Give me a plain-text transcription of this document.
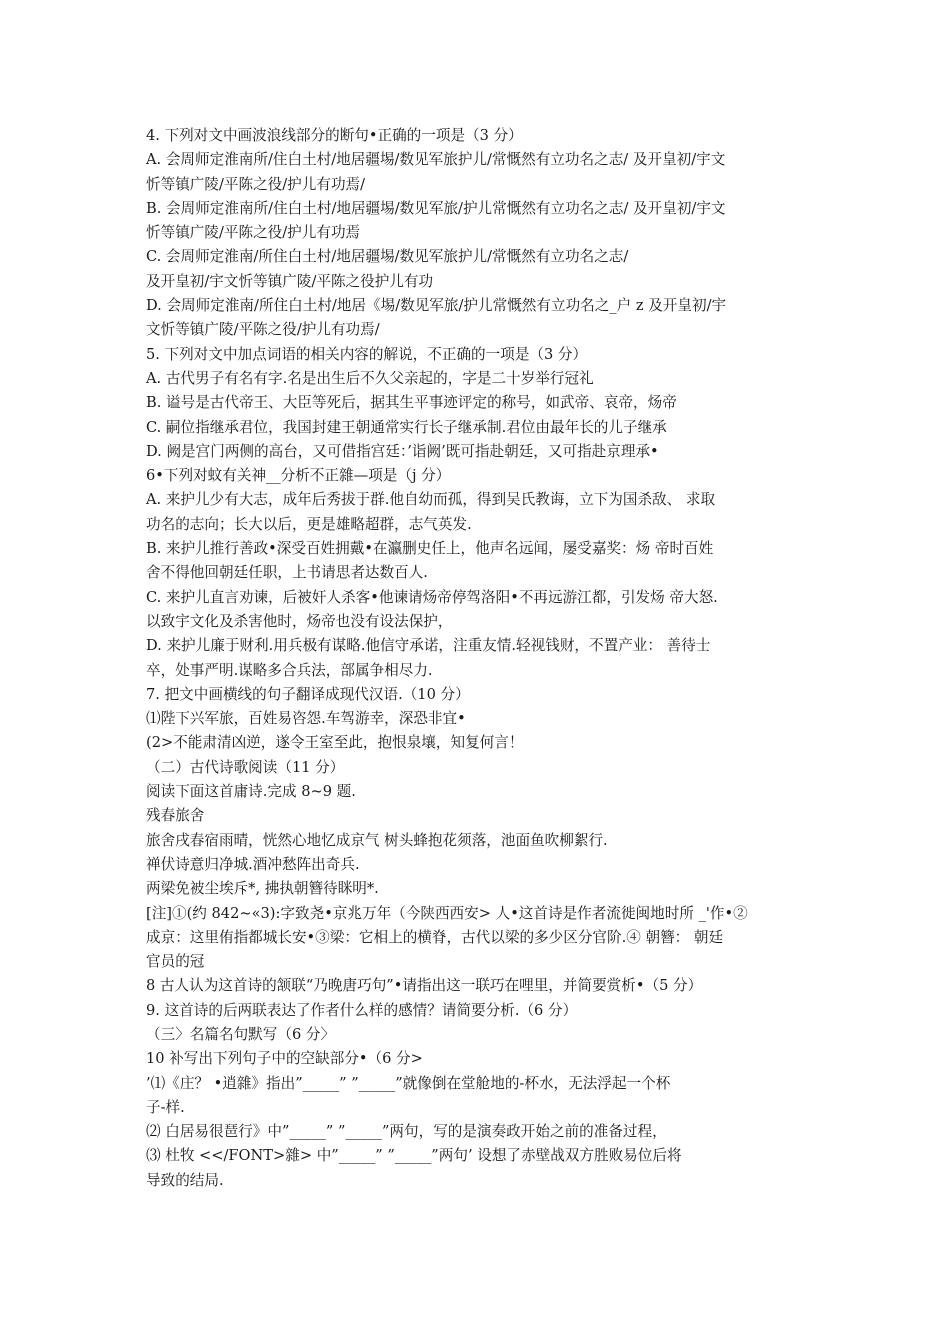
4. 下列对文中画波浪线部分的断句•正确的一项是（3 分）
A. 会周师定淮南所/住白土村/地居疆埸/数见军旅护儿/常慨然有立功名之志/ 及开皇初/宇文
忻等镇广陵/平陈之役/护儿有功焉/
B. 会周师定淮南所/住白土村/地居疆埸/数见军旅/护儿常慨然有立功名之志/ 及开皇初/宇文
忻等镇广陵/平陈之役/护儿有功焉
C. 会周师定淮南/所住白土村/地居疆埸/数见军旅护儿/常慨然有立功名之志/
及开皇初/宇文忻等镇广陵/平陈之役护儿有功
D. 会周师定淮南/所住白土村/地居《埸/数见军旅/护儿常慨然有立功名之_户 z 及开皇初/宇
文忻等镇广陵/平陈之役/护儿有功焉/
5. 下列对文中加点词语的相关内容的解说，不正确的一项是（3 分）
A. 古代男子有名有字.名是出生后不久父亲起的，字是二十岁举行冠礼
B. 谥号是古代帝王、大臣等死后，据其生平事迹评定的称号，如武帝、哀帝，炀帝
C. 嗣位指继承君位，我国封建王朝通常实行长子继承制.君位由最年长的儿子继承
D. 阙是宫门两侧的高台，又可借指宫廷：’诣阙’既可指赴朝廷，又可指赴京理承•
6•下列对蚊有关神__分析不正雜—项是（j 分）
A. 来护儿少有大志，成年后秀拔于群.他自幼而孤，得到吴氏教诲，立下为国杀敌、 求取
功名的志向；长大以后，更是雄略超群，志气英发.
B. 来护儿推行善政•深受百姓拥戴•在瀛删史任上，他声名远闻，屡受嘉奖：炀 帝时百姓
舍不得他回朝廷任职，上书请思者达数百人.
C. 来护儿直言劝谏，后被奸人杀客•他谏请炀帝停驾洛阳•不再远游江都，引发炀 帝大怒.
以致宇文化及杀害他时，炀帝也没有设法保护，
D. 来护儿廉于财利.用兵极有谋略.他信守承诺，注重友情.轻视钱财，不置产业： 善待士
卒，处事严明.谋略多合兵法，部属争相尽力.
7. 把文中画横线的句子翻译成现代汉语.（10 分）
⑴陛下兴军旅，百姓易咨怨.车驾游幸，深恐非宜•
(2>不能肃清凶逆，遂令王室至此，抱恨泉壤，知复何言！
（二）古代诗歌阅读（11 分）
阅读下面这首庸诗.完成 8~9 题.
残春旅舍
旅舍戌春宿雨晴，恍然心地忆成京气 树头蜂抱花须落，池面鱼吹柳絮行.
禅伏诗意归净城.酒冲愁阵出奇兵.
两梁免被尘埃斥*, 拂执朝簪待眯明*.
[注]①(约 842~«3):字致尧•京兆万年（今陕西西安> 人•这首诗是作者流徙闽地时所 _'作•②
成京：这里侑指都城长安•③梁：它相上的横脊，古代以梁的多少区分官阶.④ 朝簪： 朝廷
官员的冠
8 古人认为这首诗的颔联“乃晚唐巧句”•请指出这一联巧在哩里，并简要赏析•（5 分）
9. 这首诗的后两联表达了作者什么样的感情？请简要分析.（6 分）
（三〉名篇名句默写（6 分〉
10 补写出下列句子中的空缺部分•（6 分>
’⑴《庄？ •逍雜》指出”_____” ”_____”就像倒在堂舱地的-杯水，无法浮起一个杯
子-样.
⑵ 白居易很琶行》中”_____” ”_____”两句，写的是演奏政开始之前的准备过程，
⑶ 杜牧 <</FONT>雜> 中”_____” ”_____”两句’ 设想了赤壁战双方胜败易位后将
导致的结局.
